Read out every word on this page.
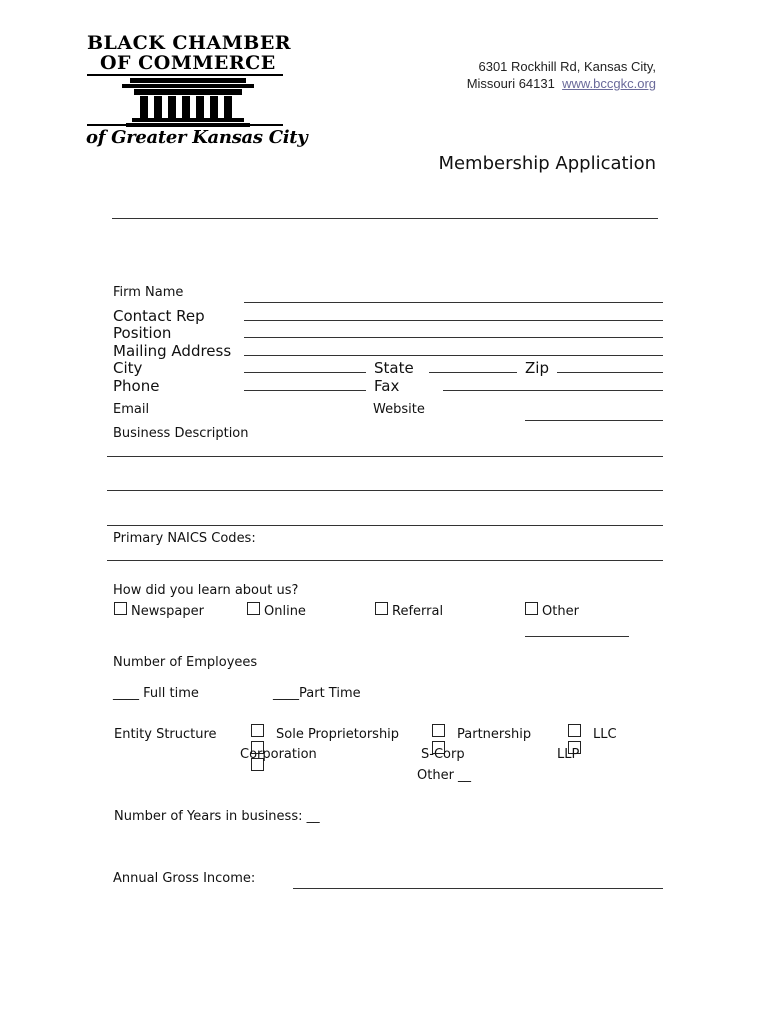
BLACK CHAMBER
OF COMMERCE
of Greater Kansas City
6301 Rockhill Rd, Kansas City,
Missouri 64131 www.bccgkc.org
Membership Application
Firm Name
Contact Rep
Position
Mailing Address
City	State	Zip
Phone	Fax
Email	Website
Business Description
Primary NAICS Codes:
How did you learn about us?
Newspaper	Online	Referral	Other
Number of Employees
____ Full time	____Part Time
Entity Structure	Sole Proprietorship	Partnership	LLC
Corporation	S-Corp	LLP
Other __
Number of Years in business: __
Annual Gross Income:
